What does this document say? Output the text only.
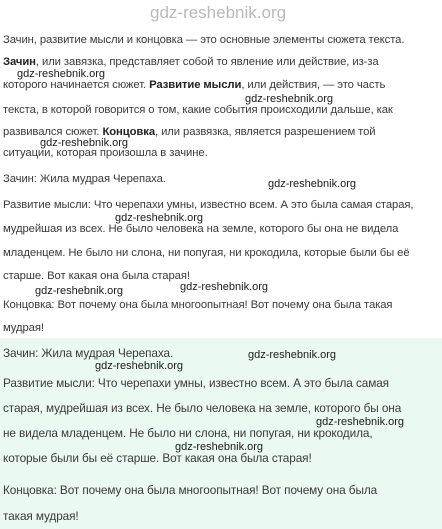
gdz-reshebnik.org
Зачин, развитие мысли и концовка — это основные элементы сюжета текста.
Зачин, или завязка, представляет собой то явление или действие, из-за
gdz-reshebnik.org
которого начинается сюжет. Развитие мысли, или действия, — это часть
gdz-reshebnik.org
текста, в которой говорится о том, какие события происходили дальше, как
развивался сюжет. Концовка, или развязка, является разрешением той
gdz-reshebnik.org
ситуации, которая произошла в зачине.
Зачин: Жила мудрая Черепаха.	gdz-reshebnik.org
Развитие мысли: Что черепахи умны, известно всем. А это была самая старая,
gdz-reshebnik.org
мудрейшая из всех. Не было человека на земле, которого бы она не видела
младенцем. Не было ни слона, ни попугая, ни крокодила, которые были бы её
старше. Вот какая она была старая!
gdz-reshebnik.org
gdz-reshebnik.org
Концовка: Вот почему она была многоопытная! Вот почему она была такая
мудрая!
Зачин: Жила мудрая Черепаха.	gdz-reshebnik.org
gdz-reshebnik.org
Развитие мысли: Что черепахи умны, известно всем. А это была самая
старая, мудрейшая из всех. Не было человека на земле, которого бы она
не видела младенцем. Не было ни слона, ни попугая, ни крокодила,
gdz-reshebnik.org
gdz-reshebnik.org
которые были бы её старше. Вот какая она была старая!
Концовка: Вот почему она была многоопытная! Вот почему она была
такая мудрая!
